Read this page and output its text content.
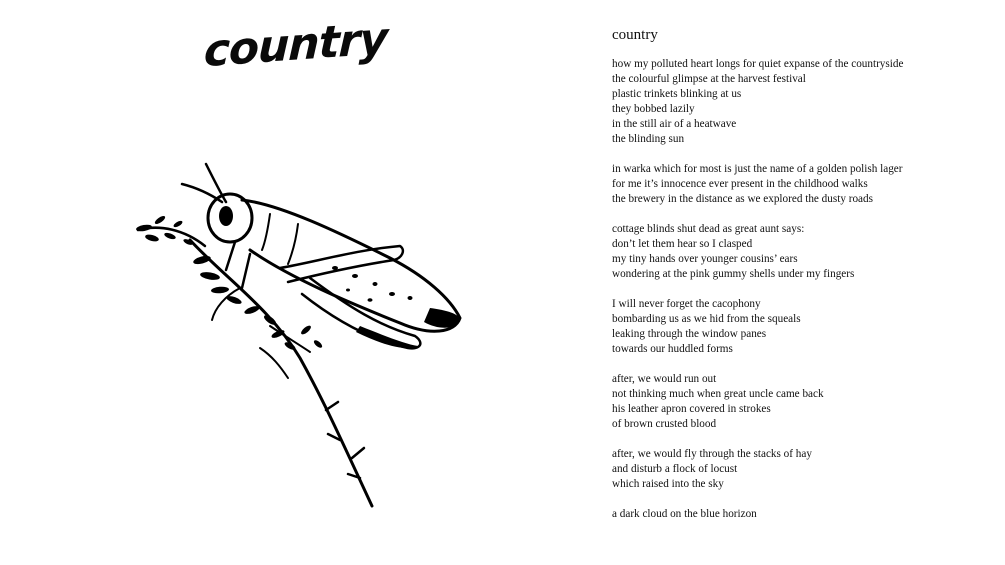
country	country
how my polluted heart longs for quiet expanse of the countryside
the colourful glimpse at the harvest festival
plastic trinkets blinking at us
they bobbed lazily
in the still air of a heatwave
the blinding sun
in warka which for most is just the name of a golden polish lager
for me it’s innocence ever present in the childhood walks
the brewery in the distance as we explored the dusty roads
cottage blinds shut dead as great aunt says:
don’t let them hear so I clasped
my tiny hands over younger cousins’ ears
wondering at the pink gummy shells under my fingers
I will never forget the cacophony
bombarding us as we hid from the squeals
leaking through the window panes
towards our huddled forms
after, we would run out
not thinking much when great uncle came back
his leather apron covered in strokes
of brown crusted blood
after, we would fly through the stacks of hay
and disturb a flock of locust
which raised into the sky
a dark cloud on the blue horizon
